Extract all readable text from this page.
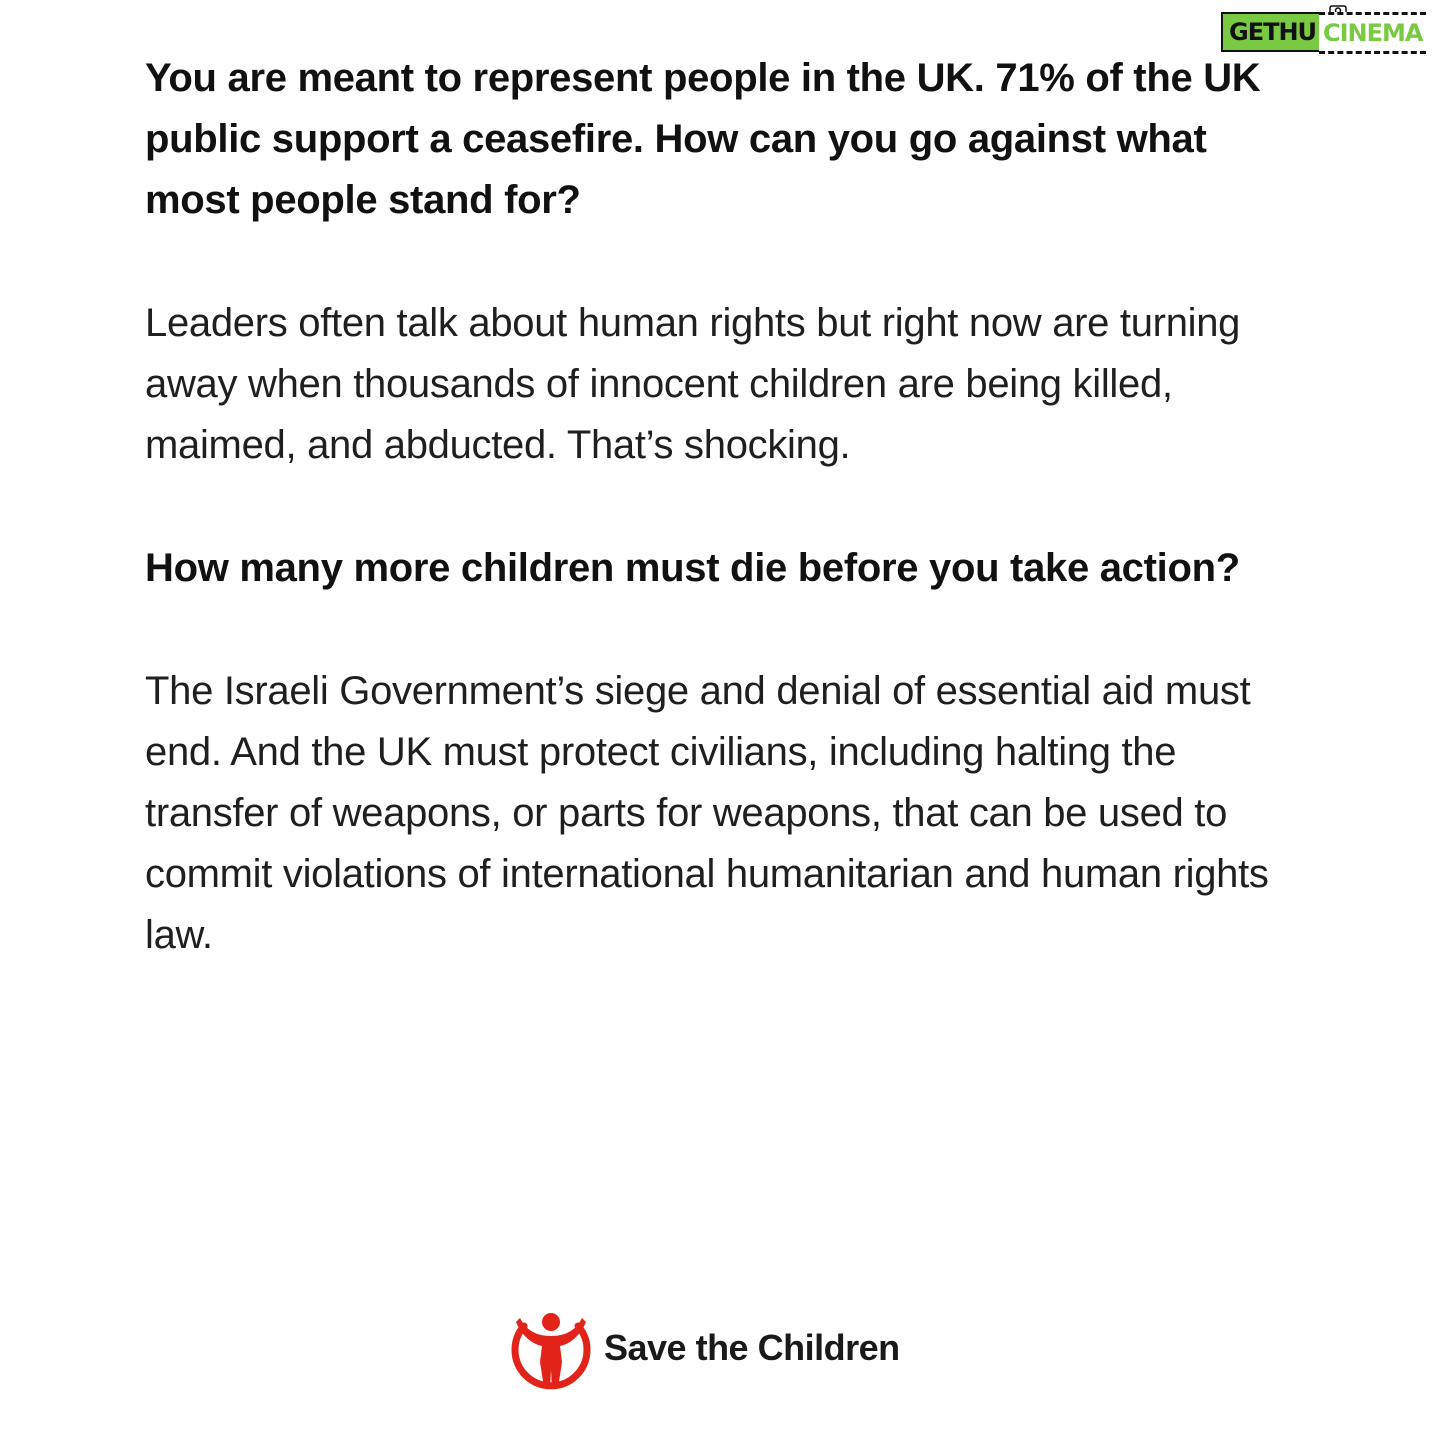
GETHU CINEMA

You are meant to represent people in the UK. 71% of the UK public support a ceasefire. How can you go against what most people stand for?

Leaders often talk about human rights but right now are turning away when thousands of innocent children are being killed, maimed, and abducted. That’s shocking.

How many more children must die before you take action?

The Israeli Government’s siege and denial of essential aid must end. And the UK must protect civilians, including halting the transfer of weapons, or parts for weapons, that can be used to commit violations of international humanitarian and human rights law.

Save the Children
